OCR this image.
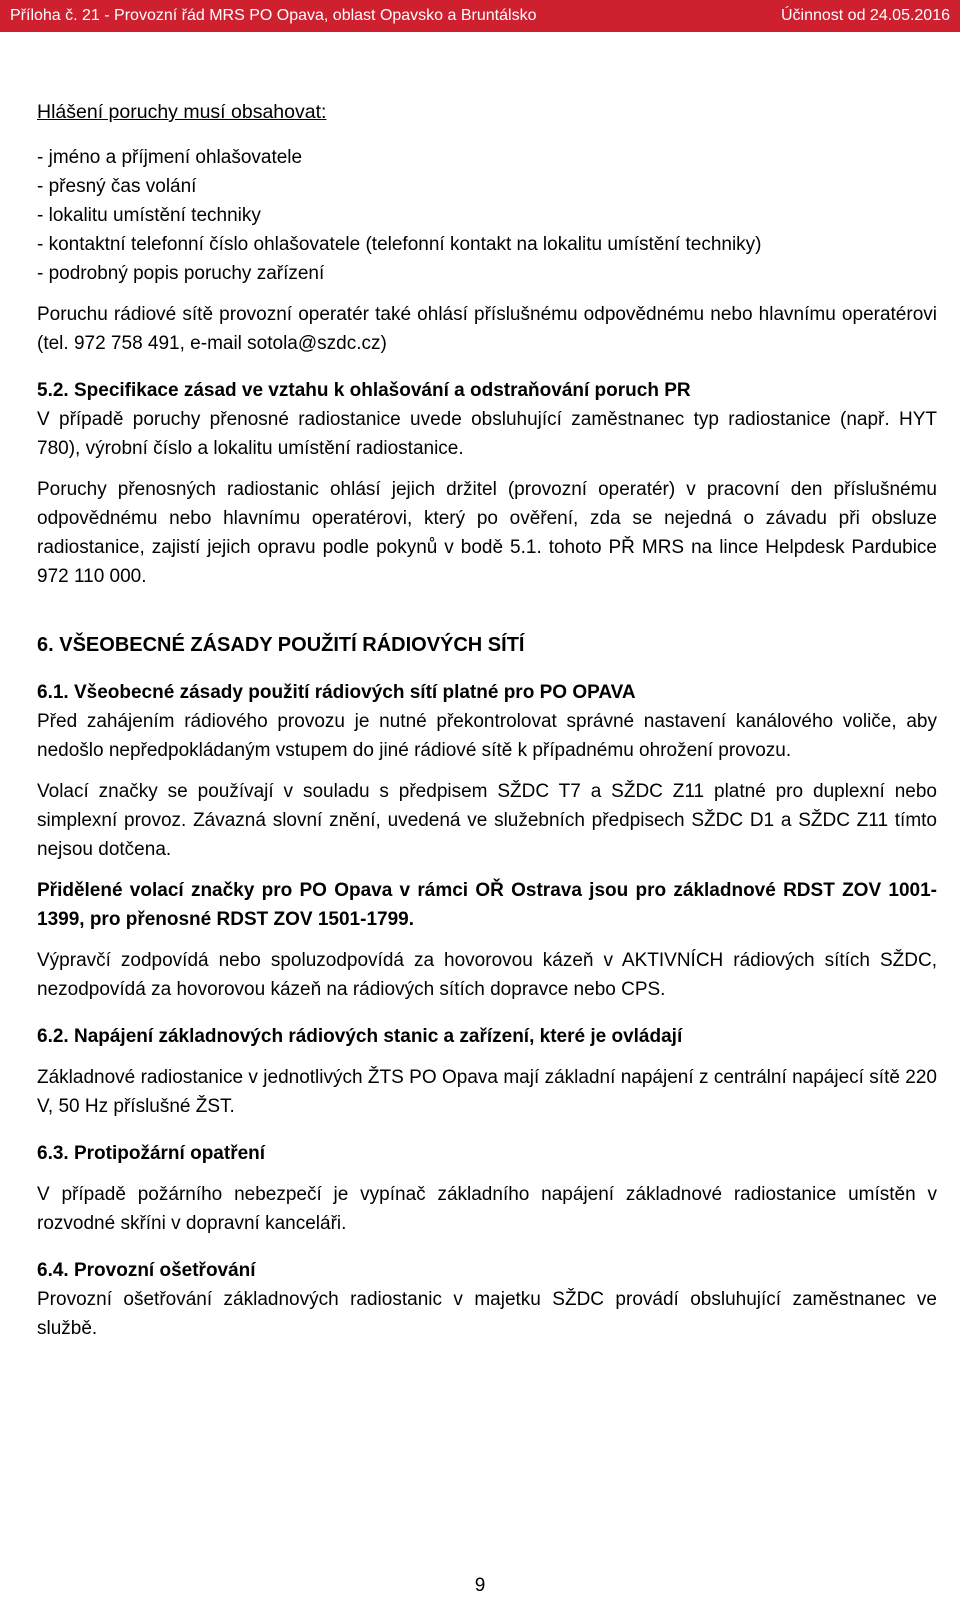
Příloha č. 21 - Provozní řád MRS PO Opava, oblast Opavsko a Bruntálsko	Účinnost od 24.05.2016

Hlášení poruchy musí obsahovat:

- jméno a příjmení ohlašovatele

- přesný čas volání

- lokalitu umístění techniky

- kontaktní telefonní číslo ohlašovatele (telefonní kontakt na lokalitu umístění techniky)

- podrobný popis poruchy zařízení

Poruchu rádiové sítě provozní operatér také ohlásí příslušnému odpovědnému nebo hlavnímu operatérovi (tel. 972 758 491, e-mail sotola@szdc.cz)

5.2. Specifikace zásad ve vztahu k ohlašování a odstraňování poruch PR

V případě poruchy přenosné radiostanice uvede obsluhující zaměstnanec typ radiostanice (např. HYT 780), výrobní číslo a lokalitu umístění radiostanice.

Poruchy přenosných radiostanic ohlásí jejich držitel (provozní operatér) v pracovní den příslušnému odpovědnému nebo hlavnímu operatérovi, který po ověření, zda se nejedná o závadu při obsluze radiostanice, zajistí jejich opravu podle pokynů v bodě 5.1. tohoto PŘ MRS na lince Helpdesk Pardubice 972 110 000.

6. VŠEOBECNÉ ZÁSADY POUŽITÍ RÁDIOVÝCH SÍTÍ

6.1. Všeobecné zásady použití rádiových sítí platné pro PO OPAVA

Před zahájením rádiového provozu je nutné překontrolovat správné nastavení kanálového voliče, aby nedošlo nepředpokládaným vstupem do jiné rádiové sítě k případnému ohrožení provozu.

Volací značky se používají v souladu s předpisem SŽDC T7 a SŽDC Z11 platné pro duplexní nebo simplexní provoz. Závazná slovní znění, uvedená ve služebních předpisech SŽDC D1 a SŽDC Z11 tímto nejsou dotčena.

Přidělené volací značky pro PO Opava v rámci OŘ Ostrava jsou pro základnové RDST ZOV 1001-1399, pro přenosné RDST ZOV 1501-1799.

Výpravčí zodpovídá nebo spoluzodpovídá za hovorovou kázeň v AKTIVNÍCH rádiových sítích SŽDC, nezodpovídá za hovorovou kázeň na rádiových sítích dopravce nebo CPS.

6.2. Napájení základnových rádiových stanic a zařízení, které je ovládají

Základnové radiostanice v jednotlivých ŽTS PO Opava mají základní napájení z centrální napájecí sítě 220 V, 50 Hz příslušné ŽST.

6.3. Protipožární opatření

V případě požárního nebezpečí je vypínač základního napájení základnové radiostanice umístěn v rozvodné skříni v dopravní kanceláři.

6.4. Provozní ošetřování

Provozní ošetřování základnových radiostanic v majetku SŽDC provádí obsluhující zaměstnanec ve službě.

9
